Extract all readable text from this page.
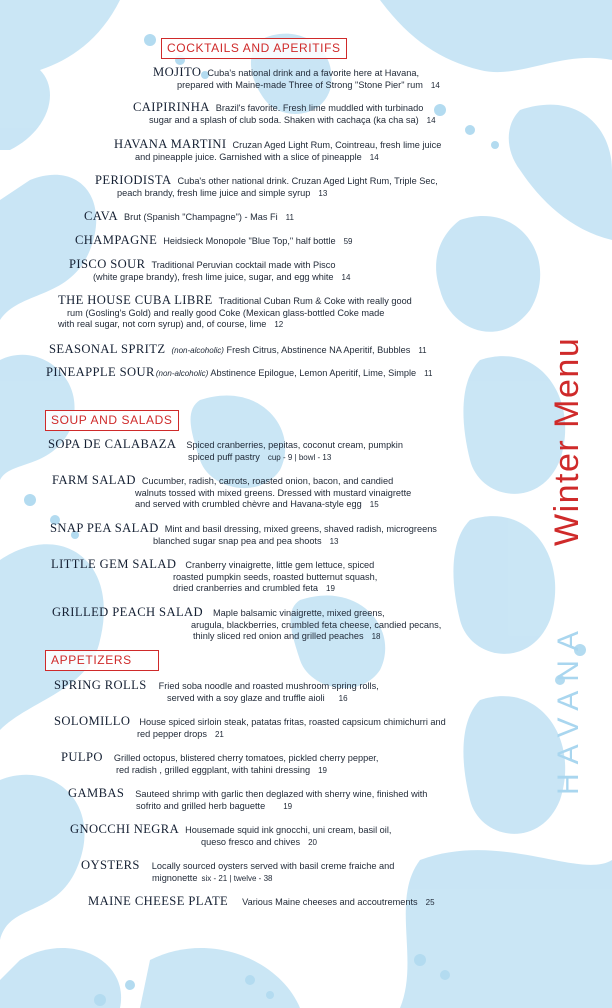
COCKTAILS AND APERITIFS
MOJITO Cuba's national drink and a favorite here at Havana,
prepared with Maine-made Three of Strong "Stone Pier" rum 14
CAIPIRINHA Brazil's favorite. Fresh lime muddled with turbinado
sugar and a splash of club soda. Shaken with cachaça (ka cha sa) 14
HAVANA MARTINI Cruzan Aged Light Rum, Cointreau, fresh lime juice
and pineapple juice. Garnished with a slice of pineapple 14
PERIODISTA Cuba's other national drink. Cruzan Aged Light Rum, Triple Sec,
peach brandy, fresh lime juice and simple syrup 13
CAVA Brut (Spanish "Champagne") - Mas Fi 11
CHAMPAGNE Heidsieck Monopole "Blue Top," half bottle 59
PISCO SOUR Traditional Peruvian cocktail made with Pisco
(white grape brandy), fresh lime juice, sugar, and egg white 14
THE HOUSE CUBA LIBRE Traditional Cuban Rum & Coke with really good
rum (Gosling's Gold) and really good Coke (Mexican glass-bottled Coke made
with real sugar, not corn syrup) and, of course, lime 12
SEASONAL SPRITZ (non-alcoholic) Fresh Citrus, Abstinence NA Aperitif, Bubbles 11
PINEAPPLE SOUR(non-alcoholic) Abstinence Epilogue, Lemon Aperitif, Lime, Simple 11
SOUP AND SALADS
SOPA DE CALABAZA Spiced cranberries, pepitas, coconut cream, pumpkin
spiced puff pastry cup - 9 | bowl - 13
FARM SALAD Cucumber, radish, carrots, roasted onion, bacon, and candied
walnuts tossed with mixed greens. Dressed with mustard vinaigrette
and served with crumbled chèvre and Havana-style egg 15
SNAP PEA SALAD Mint and basil dressing, mixed greens, shaved radish, microgreens
blanched sugar snap pea and pea shoots 13
LITTLE GEM SALAD Cranberry vinaigrette, little gem lettuce, spiced
roasted pumpkin seeds, roasted butternut squash,
dried cranberries and crumbled feta 19
GRILLED PEACH SALAD Maple balsamic vinaigrette, mixed greens,
arugula, blackberries, crumbled feta cheese, candied pecans,
thinly sliced red onion and grilled peaches 18
APPETIZERS
SPRING ROLLS Fried soba noodle and roasted mushroom spring rolls,
served with a soy glaze and truffle aioli 16
SOLOMILLO House spiced sirloin steak, patatas fritas, roasted capsicum chimichurri and
red pepper drops 21
PULPO Grilled octopus, blistered cherry tomatoes, pickled cherry pepper,
red radish , grilled eggplant, with tahini dressing 19
GAMBAS Sauteed shrimp with garlic then deglazed with sherry wine, finished with
sofrito and grilled herb baguette 19
GNOCCHI NEGRA Housemade squid ink gnocchi, uni cream, basil oil,
queso fresco and chives 20
OYSTERS Locally sourced oysters served with basil creme fraiche and
mignonette six - 21 | twelve - 38
MAINE CHEESE PLATE Various Maine cheeses and accoutrements 25
Winter Menu
HAVANA
